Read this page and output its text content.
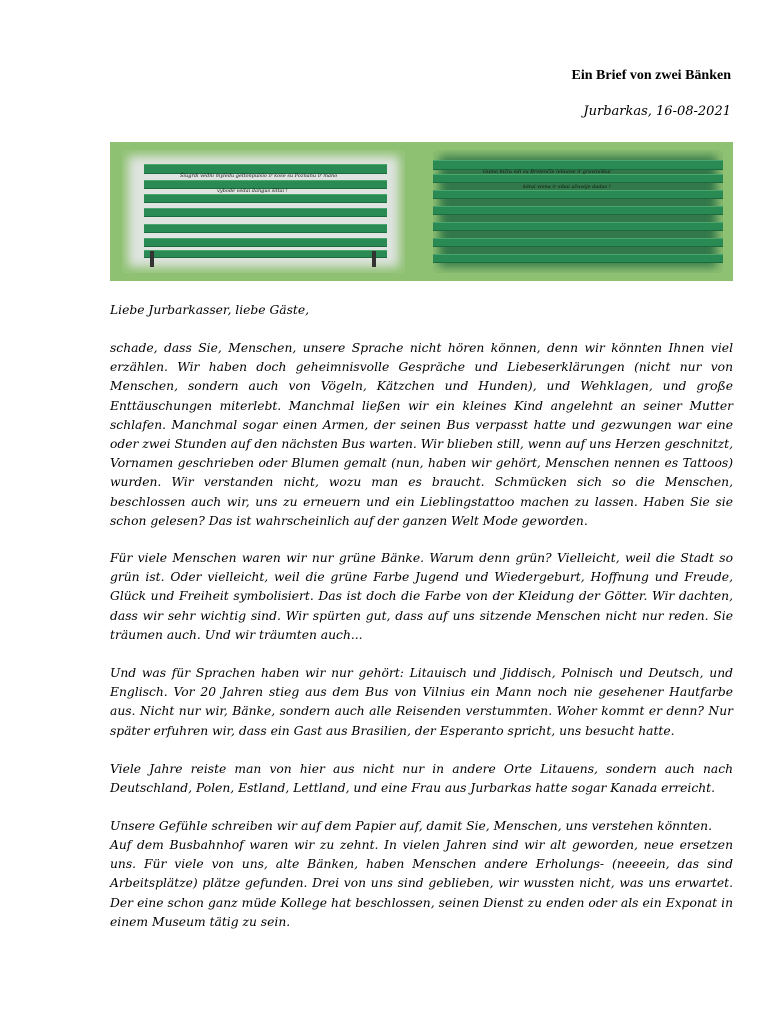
Ein Brief von zwei Bänken
Jurbarkas, 16-08-2021
Šiugrdi vėdni mylėdu geltonpulsio ir koše su Poznanu ir mano
vybodė vėdai dangus šiltai !
Gumo bičiu ėdi su Brolenčie leliuose ir graviniškai
kėtai viena ir sibai ažuvėje dadas !
Liebe Jurbarkasser, liebe Gäste,

schade, dass Sie, Menschen, unsere Sprache nicht hören können, denn wir könnten Ihnen viel erzählen. Wir haben doch geheimnisvolle Gespräche und Liebeserklärungen (nicht nur von Menschen, sondern auch von Vögeln, Kätzchen und Hunden), und Wehklagen, und große Enttäuschungen miterlebt. Manchmal ließen wir ein kleines Kind angelehnt an seiner Mutter schlafen. Manchmal sogar einen Armen, der seinen Bus verpasst hatte und gezwungen war eine oder zwei Stunden auf den nächsten Bus warten. Wir blieben still, wenn auf uns Herzen geschnitzt, Vornamen geschrieben oder Blumen gemalt (nun, haben wir gehört, Menschen nennen es Tattoos) wurden. Wir verstanden nicht, wozu man es braucht. Schmücken sich so die Menschen, beschlossen auch wir, uns zu erneuern und ein Lieblingstattoo machen zu lassen. Haben Sie sie schon gelesen? Das ist wahrscheinlich auf der ganzen Welt Mode geworden.

Für viele Menschen waren wir nur grüne Bänke. Warum denn grün? Vielleicht, weil die Stadt so grün ist. Oder vielleicht, weil die grüne Farbe Jugend und Wiedergeburt, Hoffnung und Freude, Glück und Freiheit symbolisiert. Das ist doch die Farbe von der Kleidung der Götter. Wir dachten, dass wir sehr wichtig sind. Wir spürten gut, dass auf uns sitzende Menschen nicht nur reden. Sie träumen auch. Und wir träumten auch...

Und was für Sprachen haben wir nur gehört: Litauisch und Jiddisch, Polnisch und Deutsch, und Englisch. Vor 20 Jahren stieg aus dem Bus von Vilnius ein Mann noch nie gesehener Hautfarbe aus. Nicht nur wir, Bänke, sondern auch alle Reisenden verstummten. Woher kommt er denn? Nur später erfuhren wir, dass ein Gast aus Brasilien, der Esperanto spricht, uns besucht hatte.

Viele Jahre reiste man von hier aus nicht nur in andere Orte Litauens, sondern auch nach Deutschland, Polen, Estland, Lettland, und eine Frau aus Jurbarkas hatte sogar Kanada erreicht.

Unsere Gefühle schreiben wir auf dem Papier auf, damit Sie, Menschen, uns verstehen könnten.

Auf dem Busbahnhof waren wir zu zehnt. In vielen Jahren sind wir alt geworden, neue ersetzen uns. Für viele von uns, alte Bänken, haben Menschen andere Erholungs- (neeeein, das sind Arbeitsplätze) plätze gefunden. Drei von uns sind geblieben, wir wussten nicht, was uns erwartet. Der eine schon ganz müde Kollege hat beschlossen, seinen Dienst zu enden oder als ein Exponat in einem Museum tätig zu sein.
